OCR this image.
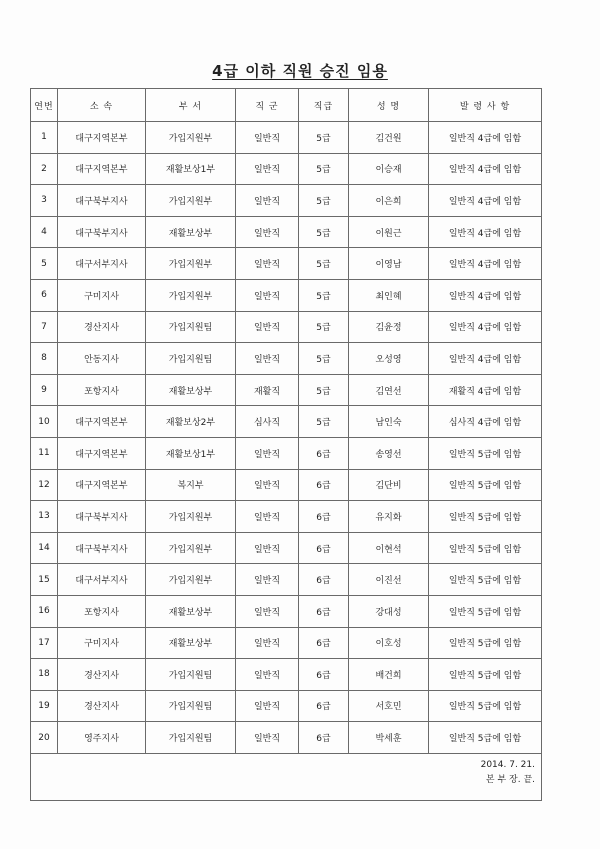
4급 이하 직원 승진 임용
연번	소 속	부 서	직 군	직급	성 명	발 령 사 항
1	대구지역본부	가입지원부	일반직	5급	김건원	일반직 4급에 임함
2	대구지역본부	재활보상1부	일반직	5급	이승재	일반직 4급에 임함
3	대구북부지사	가입지원부	일반직	5급	이은희	일반직 4급에 임함
4	대구북부지사	재활보상부	일반직	5급	이원근	일반직 4급에 임함
5	대구서부지사	가입지원부	일반직	5급	이영남	일반직 4급에 임함
6	구미지사	가입지원부	일반직	5급	최인혜	일반직 4급에 임함
7	경산지사	가입지원팀	일반직	5급	김윤정	일반직 4급에 임함
8	안동지사	가입지원팀	일반직	5급	오성영	일반직 4급에 임함
9	포항지사	재활보상부	재활직	5급	김연선	재활직 4급에 임함
10	대구지역본부	재활보상2부	심사직	5급	남인숙	심사직 4급에 임함
11	대구지역본부	재활보상1부	일반직	6급	송영선	일반직 5급에 임함
12	대구지역본부	복지부	일반직	6급	김단비	일반직 5급에 임함
13	대구북부지사	가입지원부	일반직	6급	유지화	일반직 5급에 임함
14	대구북부지사	가입지원부	일반직	6급	이현석	일반직 5급에 임함
15	대구서부지사	가입지원부	일반직	6급	이진선	일반직 5급에 임함
16	포항지사	재활보상부	일반직	6급	강대성	일반직 5급에 임함
17	구미지사	재활보상부	일반직	6급	이호성	일반직 5급에 임함
18	경산지사	가입지원팀	일반직	6급	배건희	일반직 5급에 임함
19	경산지사	가입지원팀	일반직	6급	서호민	일반직 5급에 임함
20	영주지사	가입지원팀	일반직	6급	박세훈	일반직 5급에 임함

2014. 7. 21.
본 부 장. 끝.						
